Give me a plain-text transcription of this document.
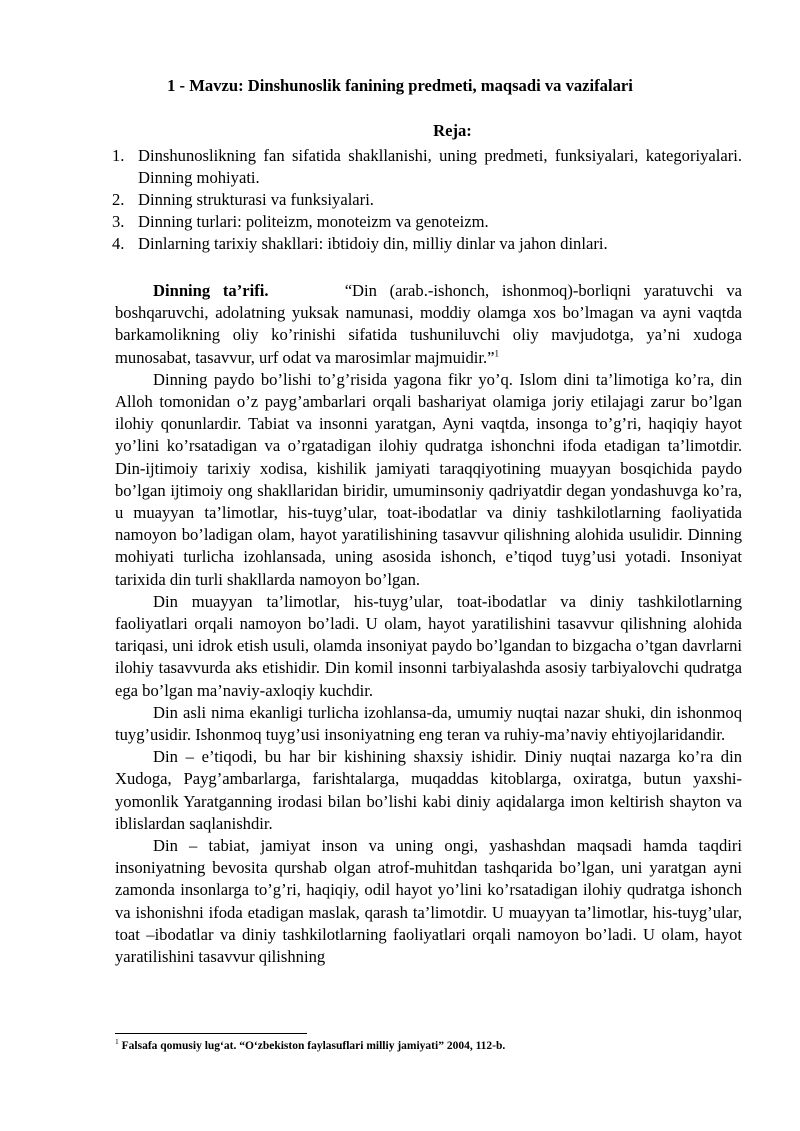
1 - Mavzu: Dinshunoslik fanining predmeti, maqsadi va vazifalari
Reja:
1. Dinshunoslikning fan sifatida shakllanishi, uning predmeti, funksiyalari, kategoriyalari. Dinning mohiyati.
2. Dinning strukturasi va funksiyalari.
3. Dinning turlari: politeizm, monoteizm va genoteizm.
4. Dinlarning tarixiy shakllari: ibtidoiy din, milliy dinlar va jahon dinlari.

Dinning ta’rifi.	“Din (arab.-ishonch, ishonmoq)-borliqni yaratuvchi va boshqaruvchi, adolatning yuksak namunasi, moddiy olamga xos bo’lmagan va ayni vaqtda barkamolikning oliy ko’rinishi sifatida tushuniluvchi oliy mavjudotga, ya’ni xudoga munosabat, tasavvur, urf odat va marosimlar majmuidir.”$^1$

Dinning paydo bo’lishi to’g’risida yagona fikr yo’q. Islom dini ta’limotiga ko’ra, din Alloh tomonidan o’z payg’ambarlari orqali bashariyat olamiga joriy etilajagi zarur bo’lgan ilohiy qonunlardir. Tabiat va insonni yaratgan, Ayni vaqtda, insonga to’g’ri, haqiqiy hayot yo’lini ko’rsatadigan va o’rgatadigan ilohiy qudratga ishonchni ifoda etadigan ta’limotdir. Din-ijtimoiy tarixiy xodisa, kishilik jamiyati taraqqiyotining muayyan bosqichida paydo bo’lgan ijtimoiy ong shakllaridan biridir, umuminsoniy qadriyatdir degan yondashuvga ko’ra, u muayyan ta’limotlar, his-tuyg’ular, toat-ibodatlar va diniy tashkilotlarning faoliyatida namoyon bo’ladigan olam, hayot yaratilishining tasavvur qilishning alohida usulidir. Dinning mohiyati turlicha izohlansada, uning asosida ishonch, e’tiqod tuyg’usi yotadi. Insoniyat tarixida din turli shakllarda namoyon bo’lgan.

Din muayyan ta’limotlar, his-tuyg’ular, toat-ibodatlar va diniy tashkilotlarning faoliyatlari orqali namoyon bo’ladi. U olam, hayot yaratilishini tasavvur qilishning alohida tariqasi, uni idrok etish usuli, olamda insoniyat paydo bo’lgandan to bizgacha o’tgan davrlarni ilohiy tasavvurda aks etishidir. Din komil insonni tarbiyalashda asosiy tarbiyalovchi qudratga ega bo’lgan ma’naviy-axloqiy kuchdir.

Din asli nima ekanligi turlicha izohlansa-da, umumiy nuqtai nazar shuki, din ishonmoq tuyg’usidir. Ishonmoq tuyg’usi insoniyatning eng teran va ruhiy-ma’naviy ehtiyojlaridandir.

Din – e’tiqodi, bu har bir kishining shaxsiy ishidir. Diniy nuqtai nazarga ko’ra din Xudoga, Payg’ambarlarga, farishtalarga, muqaddas kitoblarga, oxiratga, butun yaxshi- yomonlik Yaratganning irodasi bilan bo’lishi kabi diniy aqidalarga imon keltirish shayton va iblislardan saqlanishdir.

Din – tabiat, jamiyat inson va uning ongi, yashashdan maqsadi hamda taqdiri insoniyatning bevosita qurshab olgan atrof-muhitdan tashqarida bo’lgan, uni yaratgan ayni zamonda insonlarga to’g’ri, haqiqiy, odil hayot yo’lini ko’rsatadigan ilohiy qudratga ishonch va ishonishni ifoda etadigan maslak, qarash ta’limotdir. U muayyan ta’limotlar, his-tuyg’ular, toat –ibodatlar va diniy tashkilotlarning faoliyatlari orqali namoyon bo’ladi. U olam, hayot yaratilishini tasavvur qilishning

$^1$ Falsafa qomusiy lug‘at. “O‘zbekiston faylasuflari milliy jamiyati” 2004, 112-b.
